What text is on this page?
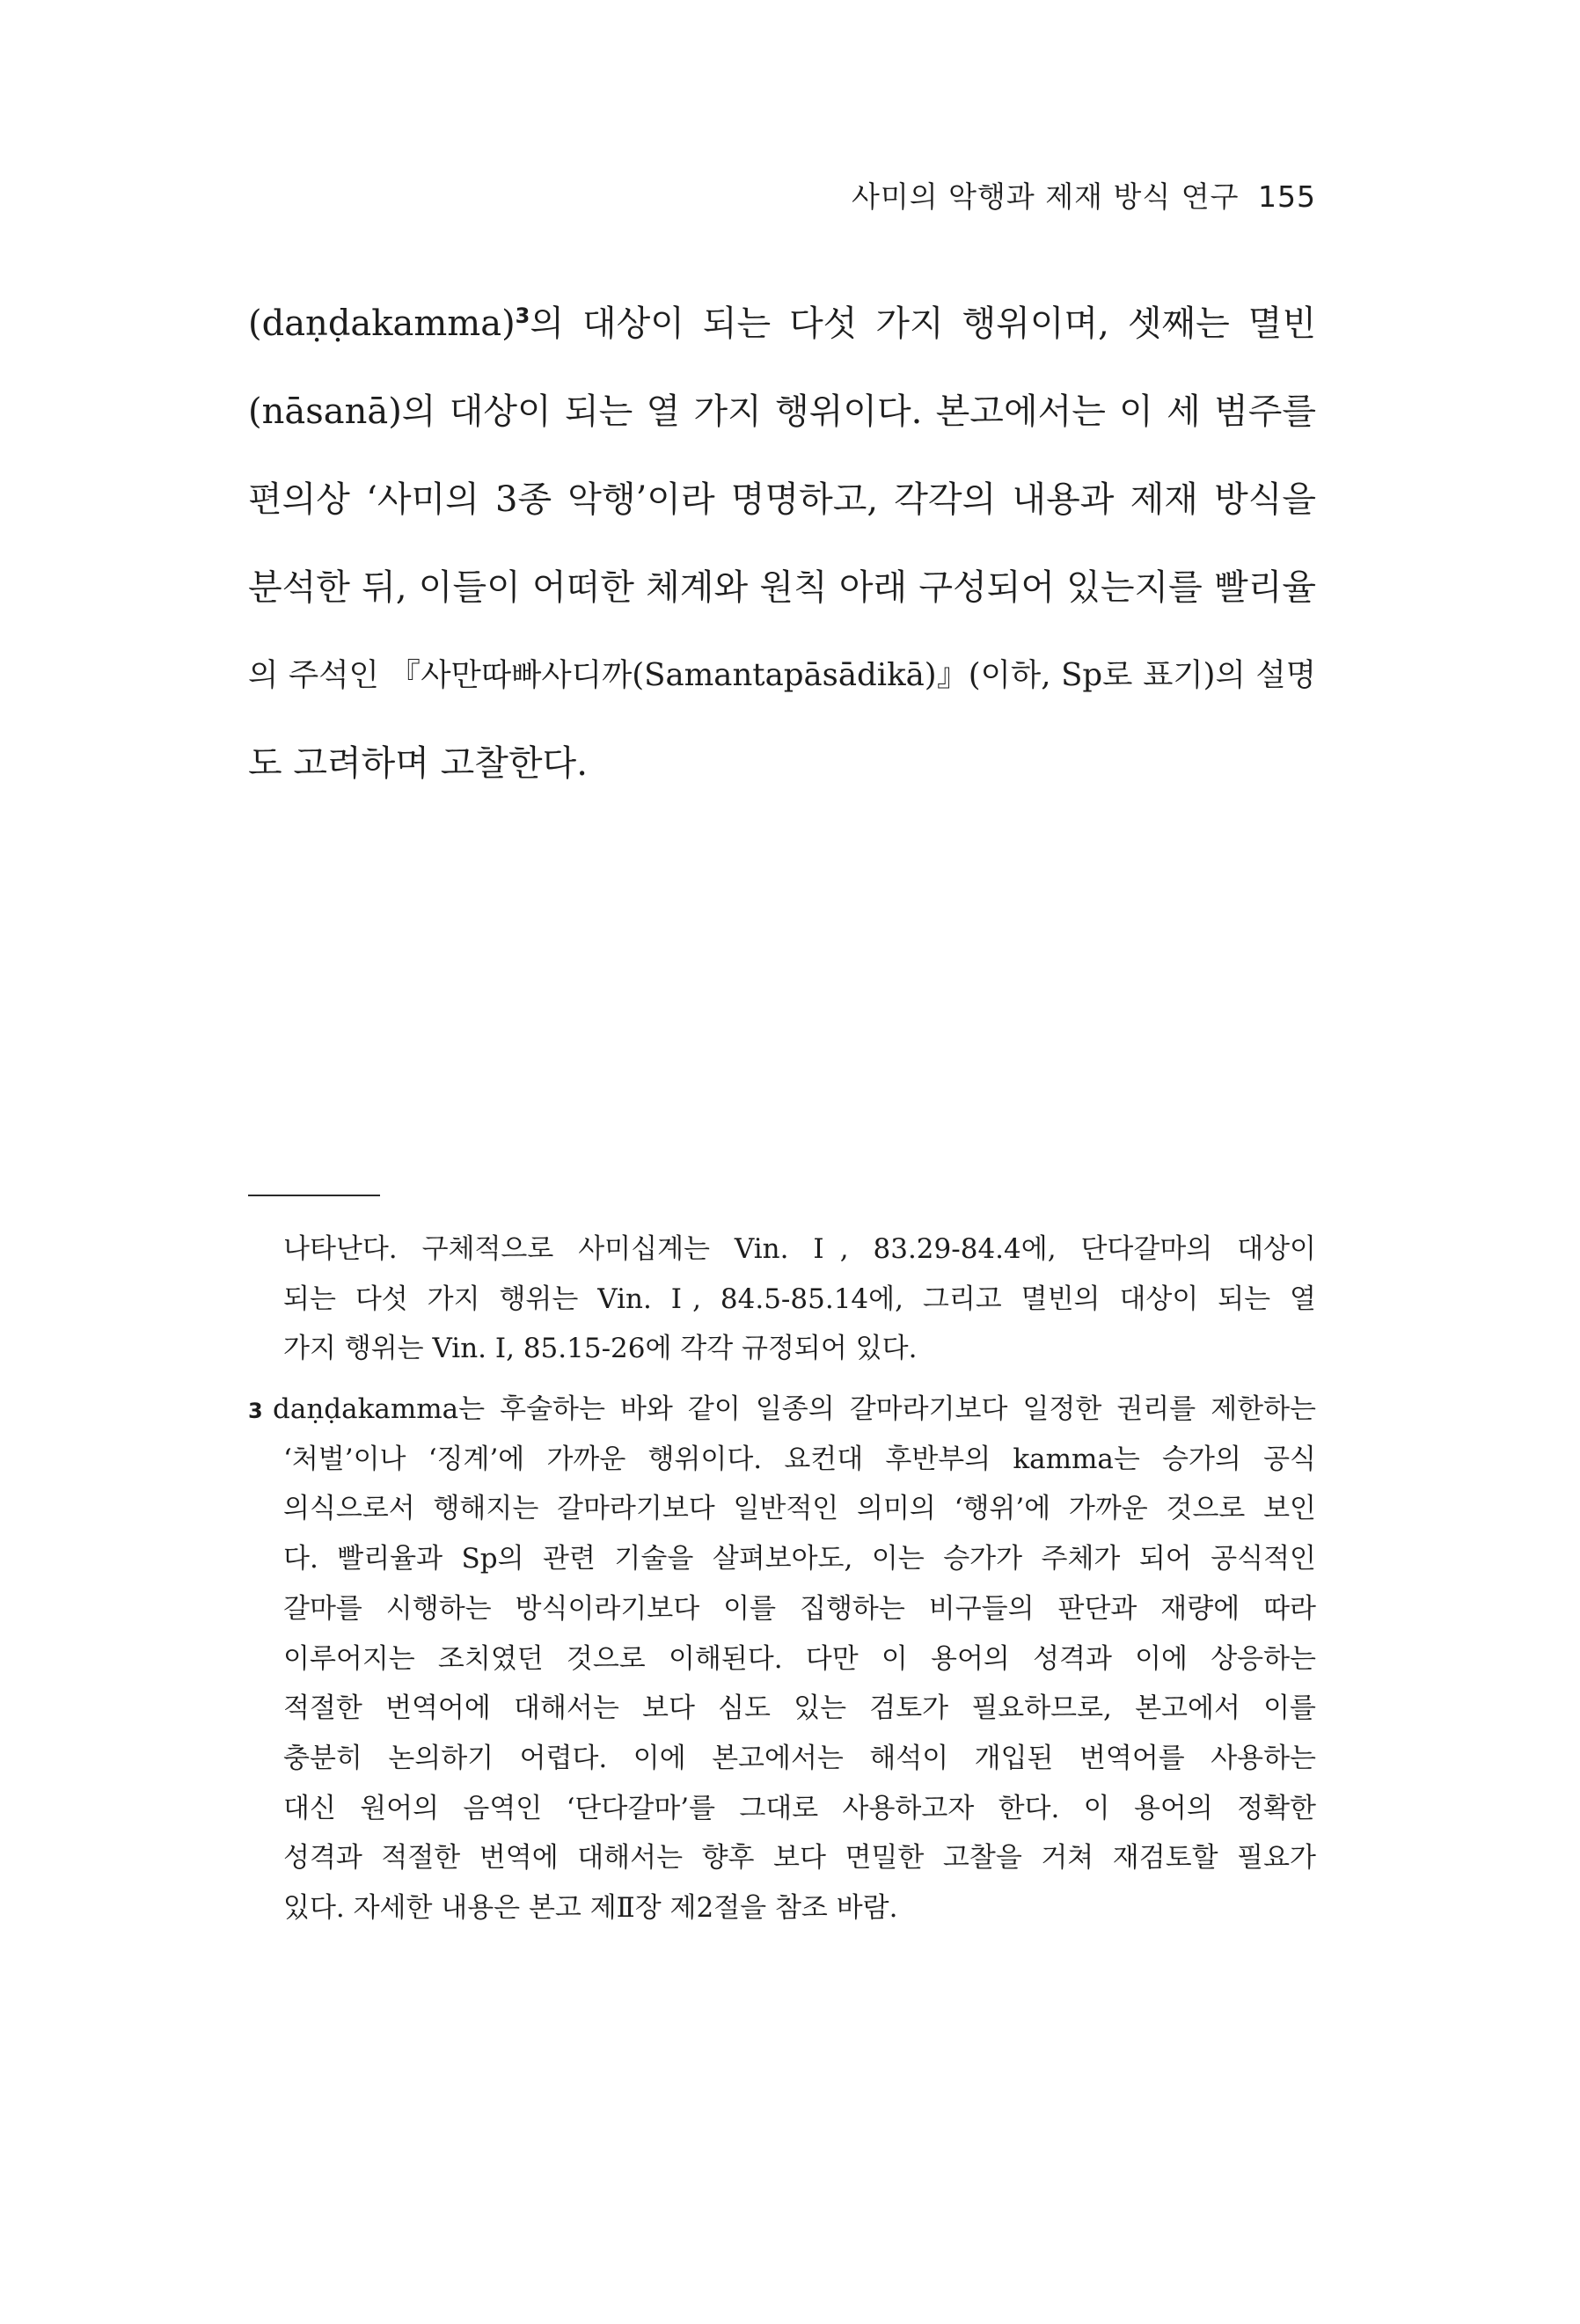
사미의 악행과 제재 방식 연구 155
(daṇḍakamma)$^3$의 대상이 되는 다섯 가지 행위이며, 셋째는 멸빈
(nāsanā)의 대상이 되는 열 가지 행위이다. 본고에서는 이 세 범주를
편의상 ‘사미의 3종 악행’이라 명명하고, 각각의 내용과 제재 방식을
분석한 뒤, 이들이 어떠한 체계와 원칙 아래 구성되어 있는지를 빨리율
의 주석인 『사만따빠사디까(Samantapāsādikā)』(이하, Sp로 표기)의 설명
도 고려하며 고찰한다.
나타난다. 구체적으로 사미십계는 Vin. Ⅰ, 83.29-84.4에, 단다갈마의 대상이
되는 다섯 가지 행위는 Vin. Ⅰ, 84.5-85.14에, 그리고 멸빈의 대상이 되는 열
가지 행위는 Vin. Ⅰ, 85.15-26에 각각 규정되어 있다.
3 daṇḍakamma는 후술하는 바와 같이 일종의 갈마라기보다 일정한 권리를 제한하는
‘처벌’이나 ‘징계’에 가까운 행위이다. 요컨대 후반부의 kamma는 승가의 공식
의식으로서 행해지는 갈마라기보다 일반적인 의미의 ‘행위’에 가까운 것으로 보인
다. 빨리율과 Sp의 관련 기술을 살펴보아도, 이는 승가가 주체가 되어 공식적인
갈마를 시행하는 방식이라기보다 이를 집행하는 비구들의 판단과 재량에 따라
이루어지는 조치였던 것으로 이해된다. 다만 이 용어의 성격과 이에 상응하는
적절한 번역어에 대해서는 보다 심도 있는 검토가 필요하므로, 본고에서 이를
충분히 논의하기 어렵다. 이에 본고에서는 해석이 개입된 번역어를 사용하는
대신 원어의 음역인 ‘단다갈마’를 그대로 사용하고자 한다. 이 용어의 정확한
성격과 적절한 번역에 대해서는 향후 보다 면밀한 고찰을 거쳐 재검토할 필요가
있다. 자세한 내용은 본고 제Ⅱ장 제2절을 참조 바람.
